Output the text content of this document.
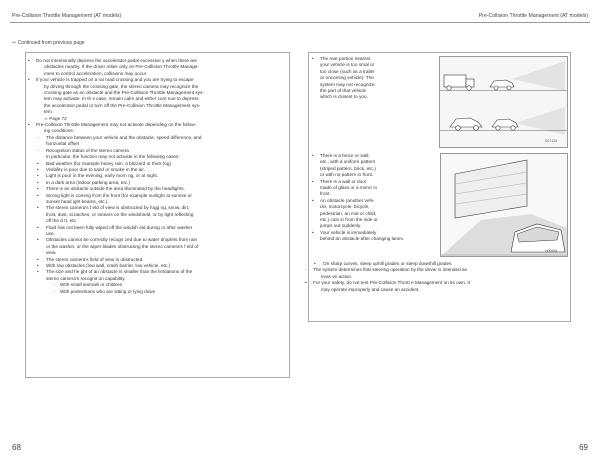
Pre-Collision Throttle Management (AT models)
⇨ Continued from previous page
• Do not intentionally depress the accelerator pedal excessive y when there are
obstacles nearby. If the driver relies only on Pre-Collision Throttle Manage-
ment to control acceleration, collisions may occur.
• If your vehicle is trapped on a rai road crossing and you are trying to escape
by driving through the crossing gate, the stereo camera may recognize the
crossing gate as an obstacle and the Pre-Collision Throttle Management sys-
tem may activate. In th s case, remain calm and either cont nue to depress
the accelerator pedal or turn off the Pre-Collision Throttle Management sys-
tem.
⇨ Page 72
• Pre-Collision Throttle Management may not activate depending on the follow-
ing conditions:
- The distance between your vehicle and the obstacle, speed difference, and
horizontal offset
- Recognition status of the stereo camera
In particular, the function may not activate in the following cases:
• Bad weather (for example heavy rain, a blizzard or thick fog)
• Visibility is poor due to sand or smoke in the air.
• Light is poor in the evening, early morn ng, or at night.
• In a dark area (indoor parking area, etc.)
• There is an obstacle outside the area illuminated by the headlights.
• Strong light is coming from the front (for example sunlight at sunrise or
sunset head ight beams, etc.).
• The stereo camera's f eld of view is obstructed by fogg ng, snow, dirt,
frost, dust, scratches, or smears on the windshield, or by light reflecting
off the d rt, etc.
• Fluid has not been fully wiped off the windsh eld during or after washer
use.
• Obstacles cannot be correctly recogn zed due to water droplets from rain
or the washer, or the wiper blades obstructing the stereo camera's f eld of
view.
• The stereo camera's field of view is obstructed.
• With low obstacles (low wall, crash barrier, low vehicle, etc.)
• The size and he ght of an obstacle is smaller than the limitations of the
stereo camera's recognit on capability.
- With small animals or children
- With pedestrians who are sitting or lying down
68
Pre-Collision Throttle Management (AT models)
• The rear portion nearest
your vehicle is too smal or
too close (such as a trailer
or oncoming vehicle). The
system may not recognize
the part of that vehicle
which is closest to you.
S07134
• There is a fence or wall,
etc., with a uniform pattern
(striped pattern, brick, etc.)
or with no pattern in front.
• There is a wall or door
made of glass or a mirror in
front.
• An obstacle (another vehi-
cle, motorcycle, bicycle,
pedestrian, an mal or child,
etc.) cuts in from the side or
jumps out suddenly.
• Your vehicle is immediately
behind an obstacle after changing lanes.
H00994
• On sharp curves, steep uphill grades or steep downhill grades
- The system determines that steering operation by the driver is intended as
evas ve action.
• For your safety, do not test Pre-Collision Thrott e Management on its own. It
may operate improperly and cause an accident.
69
